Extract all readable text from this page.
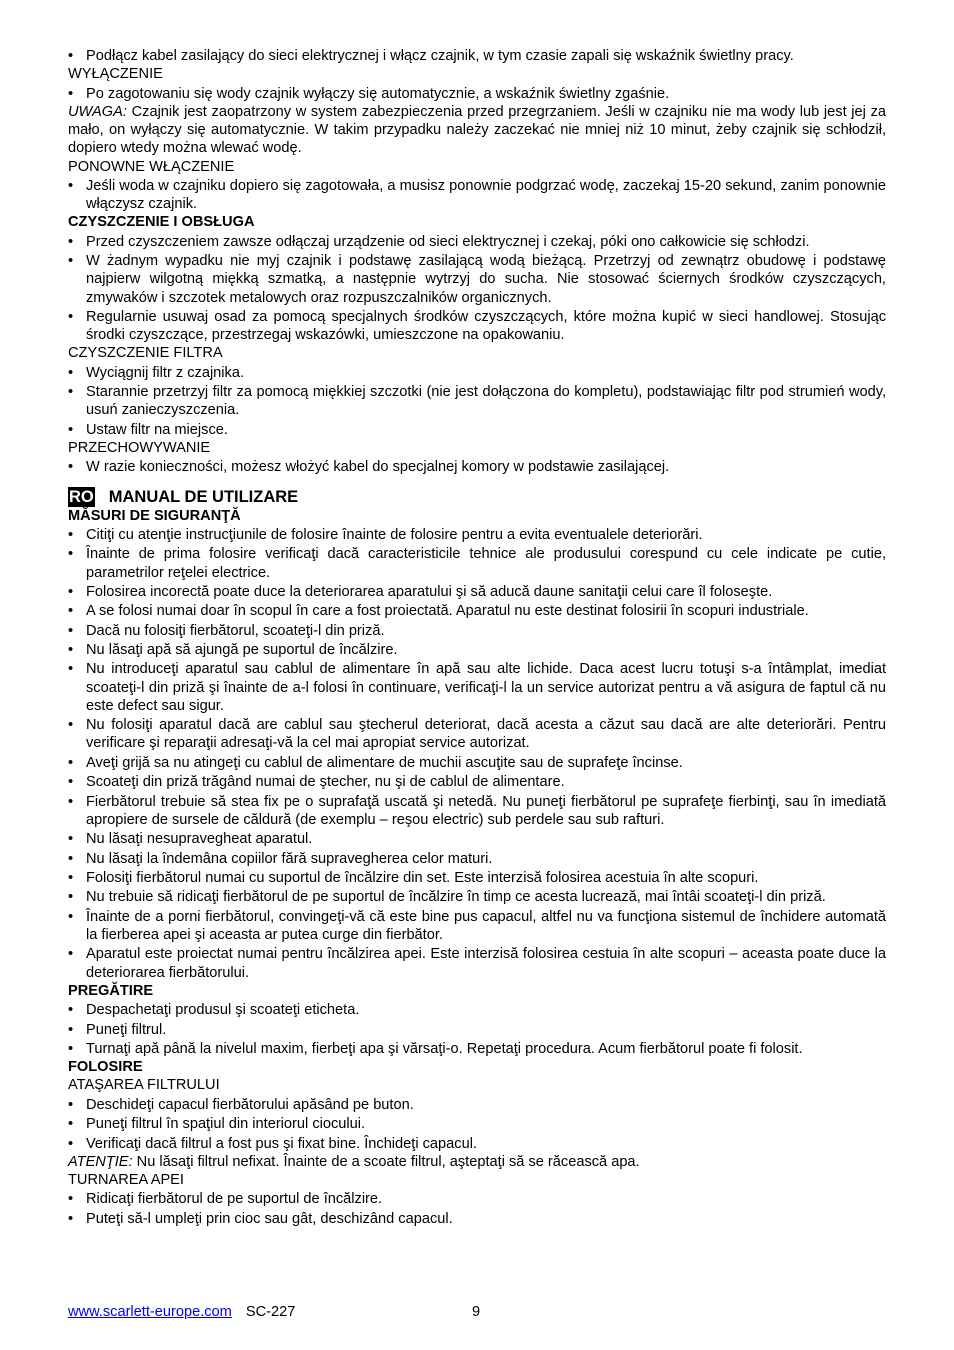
•
Podłącz kabel zasilający do sieci elektrycznej i włącz czajnik, w tym czasie zapali się wskaźnik świetlny pracy.

WYŁĄCZENIE

•
Po zagotowaniu się wody czajnik wyłączy się automatycznie, a wskaźnik świetlny zgaśnie.

UWAGA: Czajnik jest zaopatrzony w system zabezpieczenia przed przegrzaniem. Jeśli w czajniku nie ma wody lub jest jej za mało, on wyłączy się automatycznie. W takim przypadku należy zaczekać nie mniej niż 10 minut, żeby czajnik się schłodził, dopiero wtedy można wlewać wodę.

PONOWNE WŁĄCZENIE

•
Jeśli woda w czajniku dopiero się zagotowała, a musisz ponownie podgrzać wodę, zaczekaj 15-20 sekund, zanim ponownie włączysz czajnik.

CZYSZCZENIE I OBSŁUGA

•
Przed czyszczeniem zawsze odłączaj urządzenie od sieci elektrycznej i czekaj, póki ono całkowicie się schłodzi.
•
W żadnym wypadku nie myj czajnik i podstawę zasilającą wodą bieżącą. Przetrzyj od zewnątrz obudowę i podstawę najpierw wilgotną miękką szmatką, a następnie wytrzyj do sucha. Nie stosować ściernych środków czyszczących, zmywaków i szczotek metalowych oraz rozpuszczalników organicznych.
•
Regularnie usuwaj osad za pomocą specjalnych środków czyszczących, które można kupić w sieci handlowej. Stosując środki czyszczące, przestrzegaj wskazówki, umieszczone na opakowaniu.

CZYSZCZENIE FILTRA

•
Wyciągnij filtr z czajnika.
•
Starannie przetrzyj filtr za pomocą miękkiej szczotki (nie jest dołączona do kompletu), podstawiając filtr pod strumień wody, usuń zanieczyszczenia.
•
Ustaw filtr na miejsce.

PRZECHOWYWANIE

•
W razie konieczności, możesz włożyć kabel do specjalnej komory w podstawie zasilającej.

RO MANUAL DE UTILIZARE

MĂSURI DE SIGURANŢĂ

•
Citiţi cu atenţie instrucţiunile de folosire înainte de folosire pentru a evita eventualele deteriorări.
•
Înainte de prima folosire verificaţi dacă caracteristicile tehnice ale produsului corespund cu cele indicate pe cutie, parametrilor reţelei electrice.
•
Folosirea incorectă poate duce la deteriorarea aparatului şi să aducă daune sanitaţii celui care îl foloseşte.
•
A se folosi numai doar în scopul în care a fost proiectată. Aparatul nu este destinat folosirii în scopuri industriale.
•
Dacă nu folosiţi fierbătorul, scoateţi-l din priză.
•
Nu lăsaţi apă să ajungă pe suportul de încălzire.
•
Nu introduceţi aparatul sau cablul de alimentare în apă sau alte lichide. Daca acest lucru totuşi s-a întâmplat, imediat scoateţi-l din priză şi înainte de a-l folosi în continuare, verificaţi-l la un service autorizat pentru a vă asigura de faptul că nu este defect sau sigur.
•
Nu folosiţi aparatul dacă are cablul sau ştecherul deteriorat, dacă acesta a căzut sau dacă are alte deteriorări. Pentru verificare şi reparaţii adresaţi-vă la cel mai apropiat service autorizat.
•
Aveţi grijă sa nu atingeţi cu cablul de alimentare de muchii ascuţite sau de suprafeţe încinse.
•
Scoateţi din priză trăgând numai de ştecher, nu şi de cablul de alimentare.
•
Fierbătorul trebuie să stea fix pe o suprafaţă uscată şi netedă. Nu puneţi fierbătorul pe suprafeţe fierbinţi, sau în imediată apropiere de sursele de căldură (de exemplu – reşou electric) sub perdele sau sub rafturi.
•
Nu lăsaţi nesupravegheat aparatul.
•
Nu lăsaţi la îndemâna copiilor fără supravegherea celor maturi.
•
Folosiţi fierbătorul numai cu suportul de încălzire din set. Este interzisă folosirea acestuia în alte scopuri.
•
Nu trebuie să ridicaţi fierbătorul de pe suportul de încălzire în timp ce acesta lucrează, mai întâi scoateţi-l din priză.
•
Înainte de a porni fierbătorul, convingeţi-vă că este bine pus capacul, altfel nu va funcţiona sistemul de închidere automată la fierberea apei şi aceasta ar putea curge din fierbător.
•
Aparatul este proiectat numai pentru încălzirea apei. Este interzisă folosirea cestuia în alte scopuri – aceasta poate duce la deteriorarea fierbătorului.

PREGĂTIRE

•
Despachetaţi produsul şi scoateţi eticheta.
•
Puneţi filtrul.
•
Turnaţi apă până la nivelul maxim, fierbeţi apa şi vărsaţi-o. Repetaţi procedura. Acum fierbătorul poate fi folosit.

FOLOSIRE

ATAŞAREA FILTRULUI

•
Deschideţi capacul fierbătorului apăsând pe buton.
•
Puneţi filtrul în spaţiul din interiorul ciocului.
•
Verificaţi dacă filtrul a fost pus şi fixat bine. Închideţi capacul.

ATENŢIE: Nu lăsaţi filtrul nefixat. Înainte de a scoate filtrul, aşteptaţi să se răcească apa.

TURNAREA APEI

•
Ridicaţi fierbătorul de pe suportul de încălzire.
•
Puteţi să-l umpleţi prin cioc sau gât, deschizând capacul.
www.scarlett-europe.com SC-227	9
